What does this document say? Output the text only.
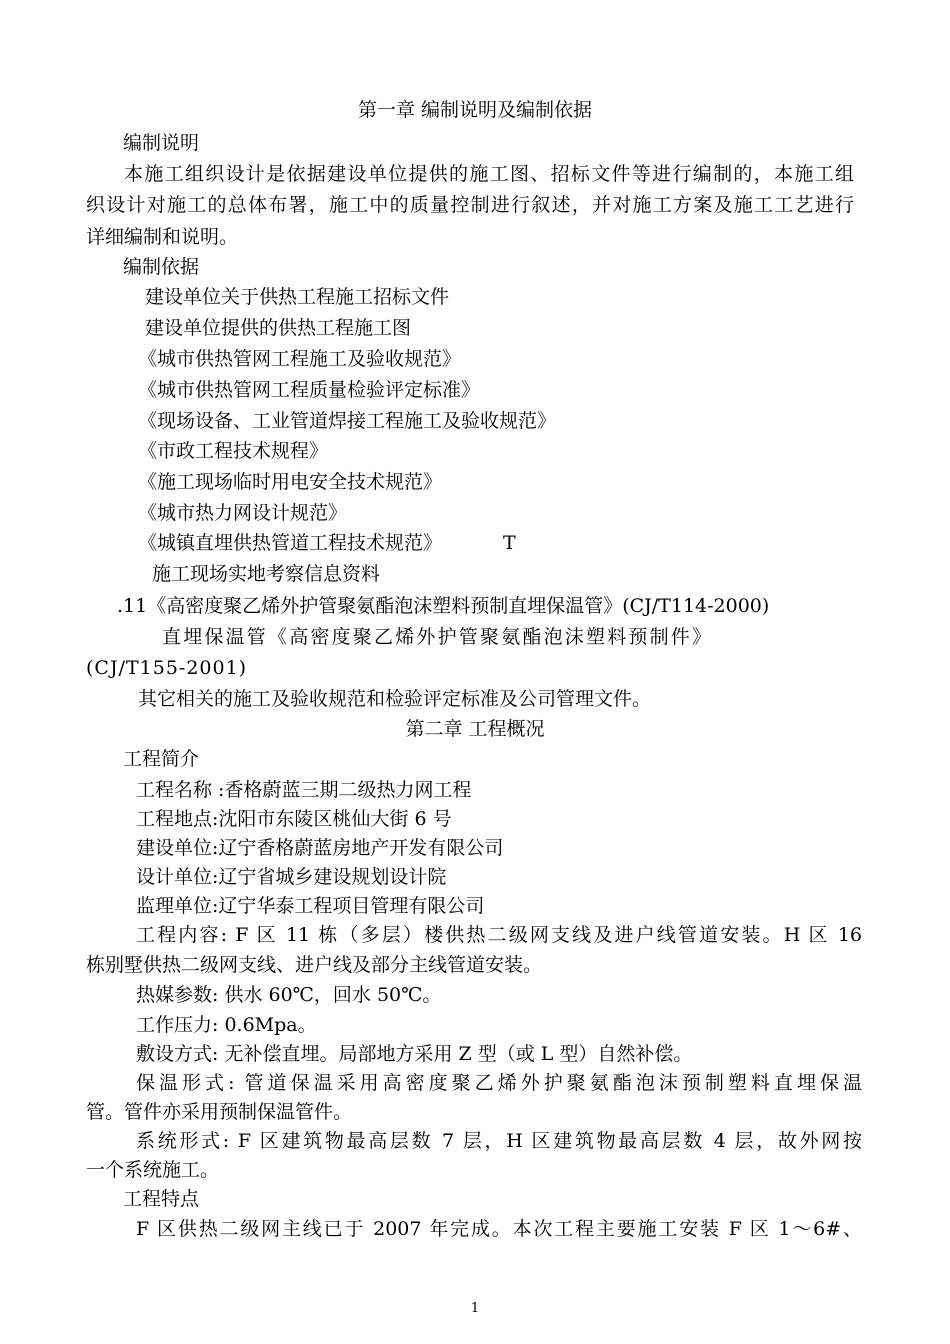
第一章 编制说明及编制依据
编制说明
本施工组织设计是依据建设单位提供的施工图、招标文件等进行编制的，本施工组
织设计对施工的总体布署，施工中的质量控制进行叙述，并对施工方案及施工工艺进行
详细编制和说明。
编制依据
建设单位关于供热工程施工招标文件
建设单位提供的供热工程施工图
《城市供热管网工程施工及验收规范》
《城市供热管网工程质量检验评定标准》
《现场设备、工业管道焊接工程施工及验收规范》
《市政工程技术规程》
《施工现场临时用电安全技术规范》
《城市热力网设计规范》
《城镇直埋供热管道工程技术规范》	T
施工现场实地考察信息资料
.11《高密度聚乙烯外护管聚氨酯泡沫塑料预制直埋保温管》(CJ/T114-2000)
直埋保温管《高密度聚乙烯外护管聚氨酯泡沫塑料预制件》
(CJ/T155-2001)
其它相关的施工及验收规范和检验评定标准及公司管理文件。
第二章 工程概况
工程简介
工程名称 :香格蔚蓝三期二级热力网工程
工程地点:沈阳市东陵区桃仙大街 6 号
建设单位:辽宁香格蔚蓝房地产开发有限公司
设计单位:辽宁省城乡建设规划设计院
监理单位:辽宁华泰工程项目管理有限公司
工程内容: F 区 11 栋（多层）楼供热二级网支线及进户线管道安装。H 区 16
栋别墅供热二级网支线、进户线及部分主线管道安装。
热媒参数: 供水 60℃，回水 50℃。
工作压力: 0.6Mpa。
敷设方式: 无补偿直埋。局部地方采用 Z 型（或 L 型）自然补偿。
保温形式: 管道保温采用高密度聚乙烯外护聚氨酯泡沫预制塑料直埋保温
管。管件亦采用预制保温管件。
系统形式: F 区建筑物最高层数 7 层，H 区建筑物最高层数 4 层，故外网按
一个系统施工。
工程特点
F 区供热二级网主线已于 2007 年完成。本次工程主要施工安装 F 区 1～6#、
1
